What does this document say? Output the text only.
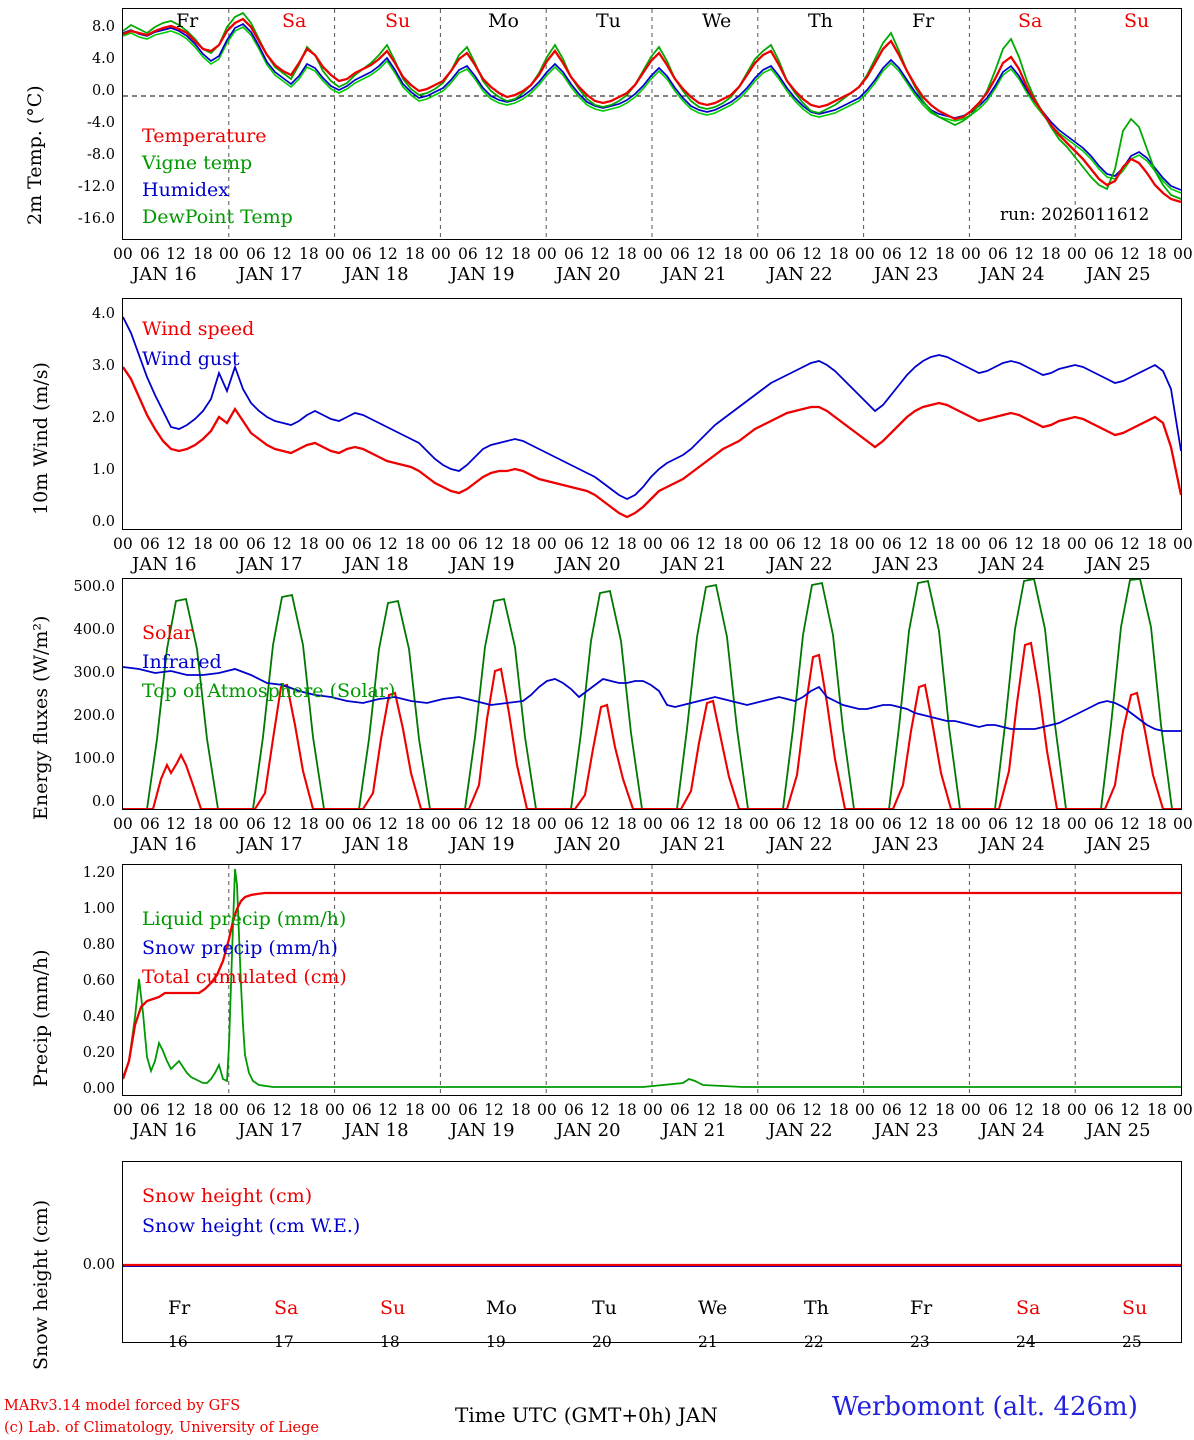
2m Temp. (°C)
8.0
4.0
0.0
-4.0
-8.0
-12.0
-16.0
Fr	Sa	Su	Mo	Tu	We	Th	Fr	Sa	Su
Temperature
Vigne temp
Humidex
DewPoint Temp	run: 2026011612
00 06 12 18 00 06 12 18 00 06 12 18 00 06 12 18 00 06 12 18 00 06 12 18 00 06 12 18 00 06 12 18 00 06 12 18 00 06 12 18 00
JAN 16 JAN 17 JAN 18 JAN 19 JAN 20 JAN 21 JAN 22 JAN 23 JAN 24 JAN 25
10m Wind (m/s)
4.0
3.0
2.0
1.0
0.0
Wind speed
Wind gust
00 06 12 18 00 06 12 18 00 06 12 18 00 06 12 18 00 06 12 18 00 06 12 18 00 06 12 18 00 06 12 18 00 06 12 18 00 06 12 18 00
JAN 16 JAN 17 JAN 18 JAN 19 JAN 20 JAN 21 JAN 22 JAN 23 JAN 24 JAN 25
Energy fluxes (W/m²)
500.0
400.0
300.0
200.0
100.0
0.0
Solar
Infrared
Top of Atmosphere (Solar)
00 06 12 18 00 06 12 18 00 06 12 18 00 06 12 18 00 06 12 18 00 06 12 18 00 06 12 18 00 06 12 18 00 06 12 18 00 06 12 18 00
JAN 16 JAN 17 JAN 18 JAN 19 JAN 20 JAN 21 JAN 22 JAN 23 JAN 24 JAN 25
Precip (mm/h)
1.20
1.00
0.80
0.60
0.40
0.20
0.00
Liquid precip (mm/h)
Snow precip (mm/h)
Total cumulated (cm)
00 06 12 18 00 06 12 18 00 06 12 18 00 06 12 18 00 06 12 18 00 06 12 18 00 06 12 18 00 06 12 18 00 06 12 18 00 06 12 18 00
JAN 16 JAN 17 JAN 18 JAN 19 JAN 20 JAN 21 JAN 22 JAN 23 JAN 24 JAN 25
Snow height (cm)	0.00
Snow height (cm)
Snow height (cm W.E.)
Fr	Sa	Su	Mo	Tu	We	Th	Fr	Sa	Su
16	17	18	19	20	21	22	23	24	25
MARv3.14 model forced by GFS
(c) Lab. of Climatology, University of Liege
Time UTC (GMT+0h) JAN	Werbomont (alt. 426m)
